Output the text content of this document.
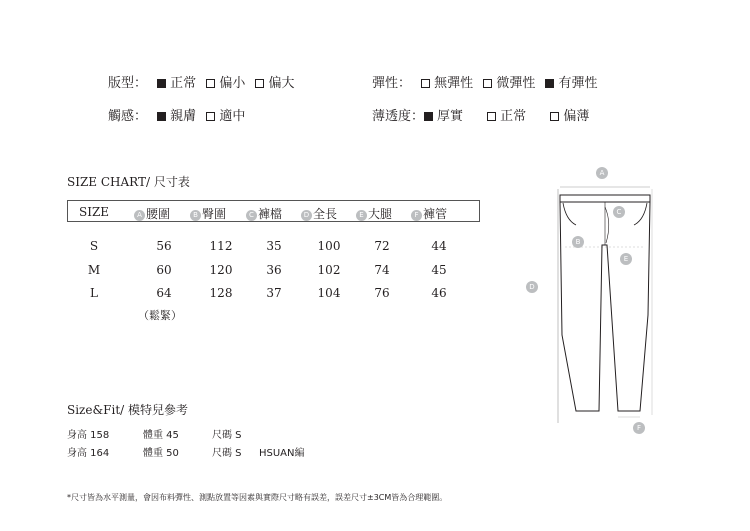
版型： 正常 偏小 偏大	彈性： 無彈性 微彈性 有彈性
觸感： 親膚 適中	薄透度： 厚實	正常	偏薄
SIZE CHART/ 尺寸表
SIZE	A 腰圍	B 臀圍	C 褲檔	D 全長	E 大腿	F 褲管
S	56	112	35	100	72	44
M	60	120	36	102	74	45
L	64	128	37	104	76	46
（鬆緊）
A
C
B
E
D
F
Size&Fit/ 模特兒參考
身高 158	體重 45	尺碼 S
身高 164	體重 50	尺碼 S HSUAN編
*尺寸皆為水平測量，會因布料彈性、測點放置等因素與實際尺寸略有誤差，誤差尺寸±3CM皆為合理範圍。
